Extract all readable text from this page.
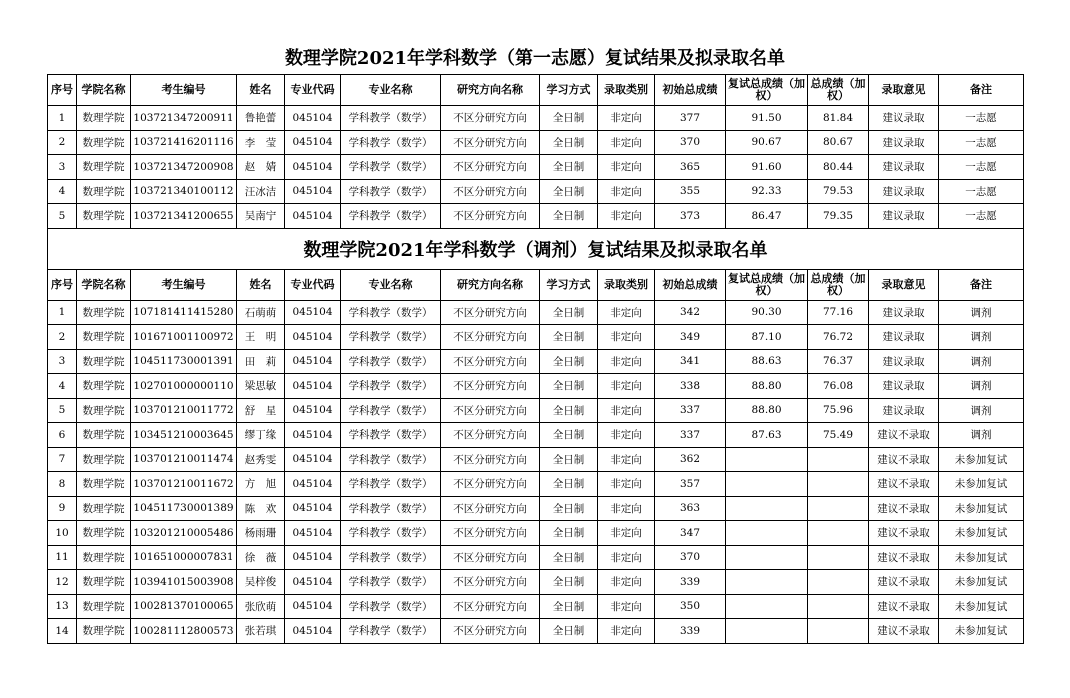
数理学院2021年学科数学（第一志愿）复试结果及拟录取名单
序号	学院名称	考生编号	姓名	专业代码	专业名称	研究方向名称	学习方式	录取类别	初始总成绩	复试总成绩（加权）	总成绩（加权）	录取意见	备注
1	数理学院	103721347200911	鲁艳蕾	045104	学科教学（数学）	不区分研究方向	全日制	非定向	377	91.50	81.84	建议录取	一志愿
2	数理学院	103721416201116	李　莹	045104	学科教学（数学）	不区分研究方向	全日制	非定向	370	90.67	80.67	建议录取	一志愿
3	数理学院	103721347200908	赵　婧	045104	学科教学（数学）	不区分研究方向	全日制	非定向	365	91.60	80.44	建议录取	一志愿
4	数理学院	103721340100112	汪冰洁	045104	学科教学（数学）	不区分研究方向	全日制	非定向	355	92.33	79.53	建议录取	一志愿
5	数理学院	103721341200655	吴南宁	045104	学科教学（数学）	不区分研究方向	全日制	非定向	373	86.47	79.35	建议录取	一志愿
数理学院2021年学科数学（调剂）复试结果及拟录取名单													
序号	学院名称	考生编号	姓名	专业代码	专业名称	研究方向名称	学习方式	录取类别	初始总成绩	复试总成绩（加权）	总成绩（加权）	录取意见	备注
1	数理学院	107181411415280	石萌萌	045104	学科教学（数学）	不区分研究方向	全日制	非定向	342	90.30	77.16	建议录取	调剂
2	数理学院	101671001100972	王　明	045104	学科教学（数学）	不区分研究方向	全日制	非定向	349	87.10	76.72	建议录取	调剂
3	数理学院	104511730001391	田　莉	045104	学科教学（数学）	不区分研究方向	全日制	非定向	341	88.63	76.37	建议录取	调剂
4	数理学院	102701000000110	梁思敏	045104	学科教学（数学）	不区分研究方向	全日制	非定向	338	88.80	76.08	建议录取	调剂
5	数理学院	103701210011772	舒　星	045104	学科教学（数学）	不区分研究方向	全日制	非定向	337	88.80	75.96	建议录取	调剂
6	数理学院	103451210003645	缪丁缘	045104	学科教学（数学）	不区分研究方向	全日制	非定向	337	87.63	75.49	建议不录取	调剂
7	数理学院	103701210011474	赵秀雯	045104	学科教学（数学）	不区分研究方向	全日制	非定向	362			建议不录取	未参加复试
8	数理学院	103701210011672	方　旭	045104	学科教学（数学）	不区分研究方向	全日制	非定向	357			建议不录取	未参加复试
9	数理学院	104511730001389	陈　欢	045104	学科教学（数学）	不区分研究方向	全日制	非定向	363			建议不录取	未参加复试
10	数理学院	103201210005486	杨雨珊	045104	学科教学（数学）	不区分研究方向	全日制	非定向	347			建议不录取	未参加复试
11	数理学院	101651000007831	徐　薇	045104	学科教学（数学）	不区分研究方向	全日制	非定向	370			建议不录取	未参加复试
12	数理学院	103941015003908	吴梓俊	045104	学科教学（数学）	不区分研究方向	全日制	非定向	339			建议不录取	未参加复试
13	数理学院	100281370100065	张欣萌	045104	学科教学（数学）	不区分研究方向	全日制	非定向	350			建议不录取	未参加复试
14	数理学院	100281112800573	张若琪	045104	学科教学（数学）	不区分研究方向	全日制	非定向	339			建议不录取	未参加复试
